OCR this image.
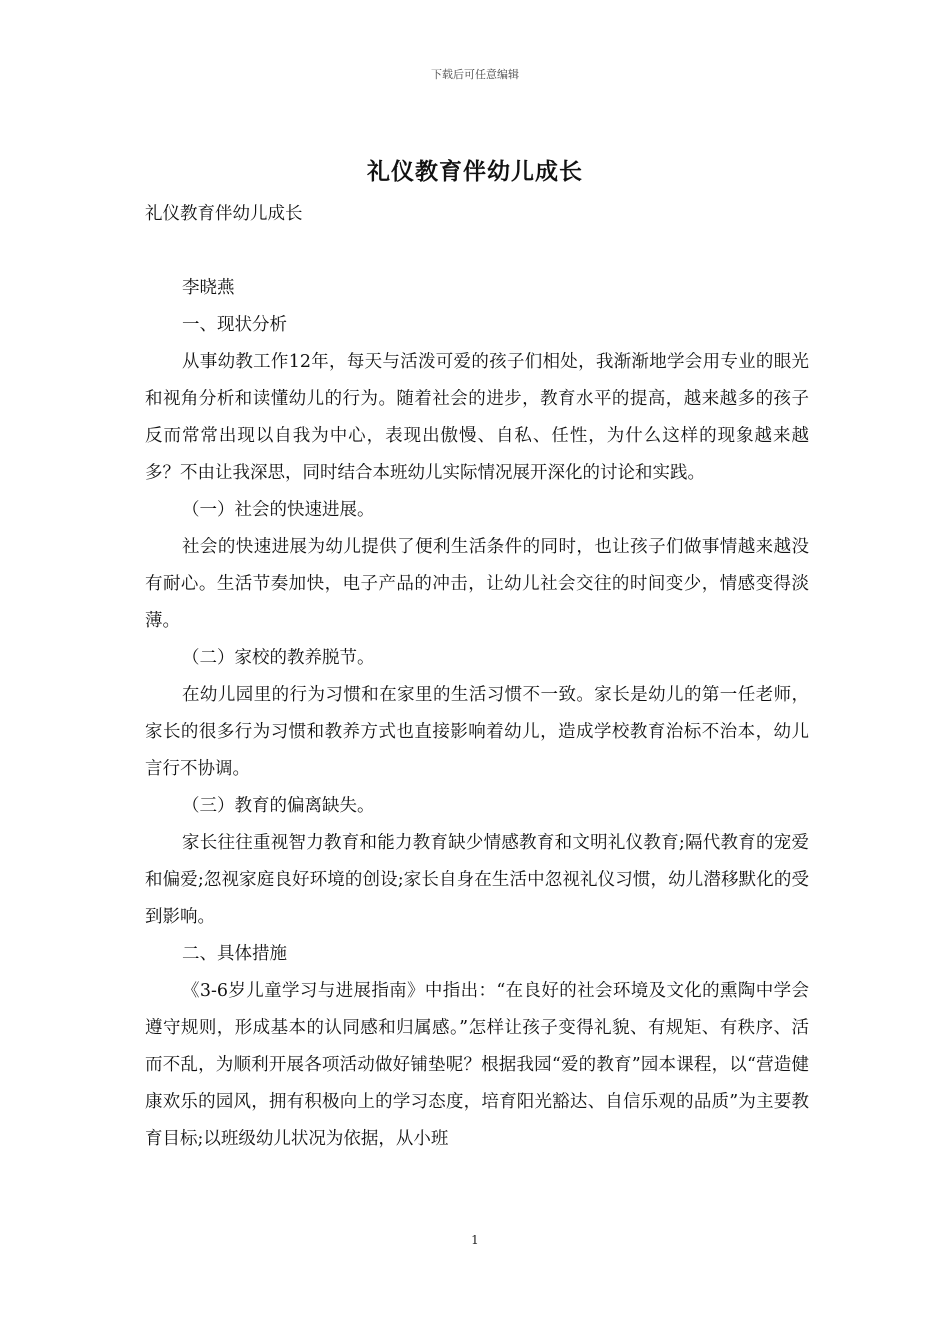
下载后可任意编辑
礼仪教育伴幼儿成长

礼仪教育伴幼儿成长

李晓燕

一、现状分析

从事幼教工作12年，每天与活泼可爱的孩子们相处，我渐渐地学会用专业的眼光和视角分析和读懂幼儿的行为。随着社会的进步，教育水平的提高，越来越多的孩子反而常常出现以自我为中心，表现出傲慢、自私、任性，为什么这样的现象越来越多？不由让我深思，同时结合本班幼儿实际情况展开深化的讨论和实践。

（一）社会的快速进展。

社会的快速进展为幼儿提供了便利生活条件的同时，也让孩子们做事情越来越没有耐心。生活节奏加快，电子产品的冲击，让幼儿社会交往的时间变少，情感变得淡薄。

（二）家校的教养脱节。

在幼儿园里的行为习惯和在家里的生活习惯不一致。家长是幼儿的第一任老师，家长的很多行为习惯和教养方式也直接影响着幼儿，造成学校教育治标不治本，幼儿言行不协调。

（三）教育的偏离缺失。

家长往往重视智力教育和能力教育缺少情感教育和文明礼仪教育;隔代教育的宠爱和偏爱;忽视家庭良好环境的创设;家长自身在生活中忽视礼仪习惯，幼儿潜移默化的受到影响。

二、具体措施

《3-6岁儿童学习与进展指南》中指出：“在良好的社会环境及文化的熏陶中学会遵守规则，形成基本的认同感和归属感。”怎样让孩子变得礼貌、有规矩、有秩序、活而不乱，为顺利开展各项活动做好铺垫呢？根据我园“爱的教育”园本课程，以“营造健康欢乐的园风，拥有积极向上的学习态度，培育阳光豁达、自信乐观的品质”为主要教育目标;以班级幼儿状况为依据，从小班

1
